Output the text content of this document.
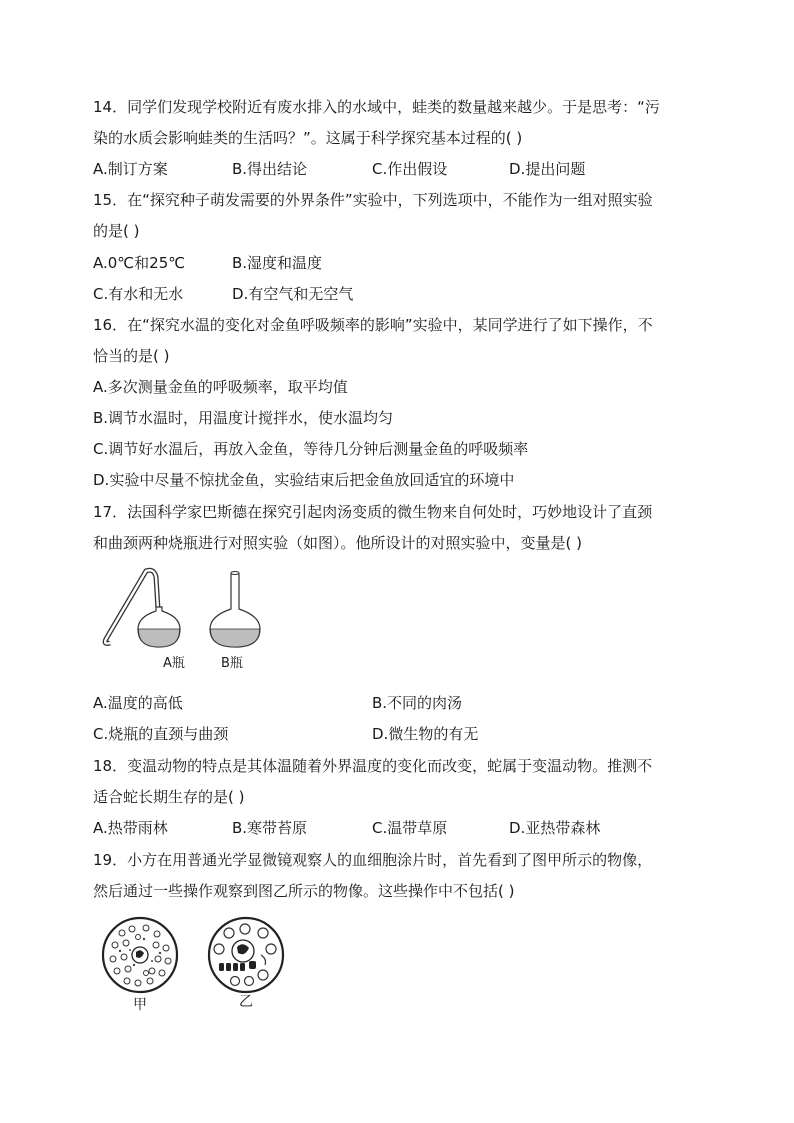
14．同学们发现学校附近有废水排入的水域中，蛙类的数量越来越少。于是思考：“污
染的水质会影响蛙类的生活吗？”。这属于科学探究基本过程的( )
A.制订方案	B.得出结论	C.作出假设	D.提出问题
15．在“探究种子萌发需要的外界条件”实验中，下列选项中，不能作为一组对照实验
的是( )
A.0℃和25℃	B.湿度和温度
C.有水和无水	D.有空气和无空气
16．在“探究水温的变化对金鱼呼吸频率的影响”实验中，某同学进行了如下操作，不
恰当的是( )
A.多次测量金鱼的呼吸频率，取平均值
B.调节水温时，用温度计搅拌水，使水温均匀
C.调节好水温后，再放入金鱼，等待几分钟后测量金鱼的呼吸频率
D.实验中尽量不惊扰金鱼，实验结束后把金鱼放回适宜的环境中
17．法国科学家巴斯德在探究引起肉汤变质的微生物来自何处时，巧妙地设计了直颈
和曲颈两种烧瓶进行对照实验（如图）。他所设计的对照实验中，变量是( )
A瓶	B瓶
A.温度的高低	B.不同的肉汤
C.烧瓶的直颈与曲颈	D.微生物的有无
18．变温动物的特点是其体温随着外界温度的变化而改变，蛇属于变温动物。推测不
适合蛇长期生存的是( )
A.热带雨林	B.寒带苔原	C.温带草原	D.亚热带森林
19．小方在用普通光学显微镜观察人的血细胞涂片时，首先看到了图甲所示的物像，
然后通过一些操作观察到图乙所示的物像。这些操作中不包括( )
甲	乙
